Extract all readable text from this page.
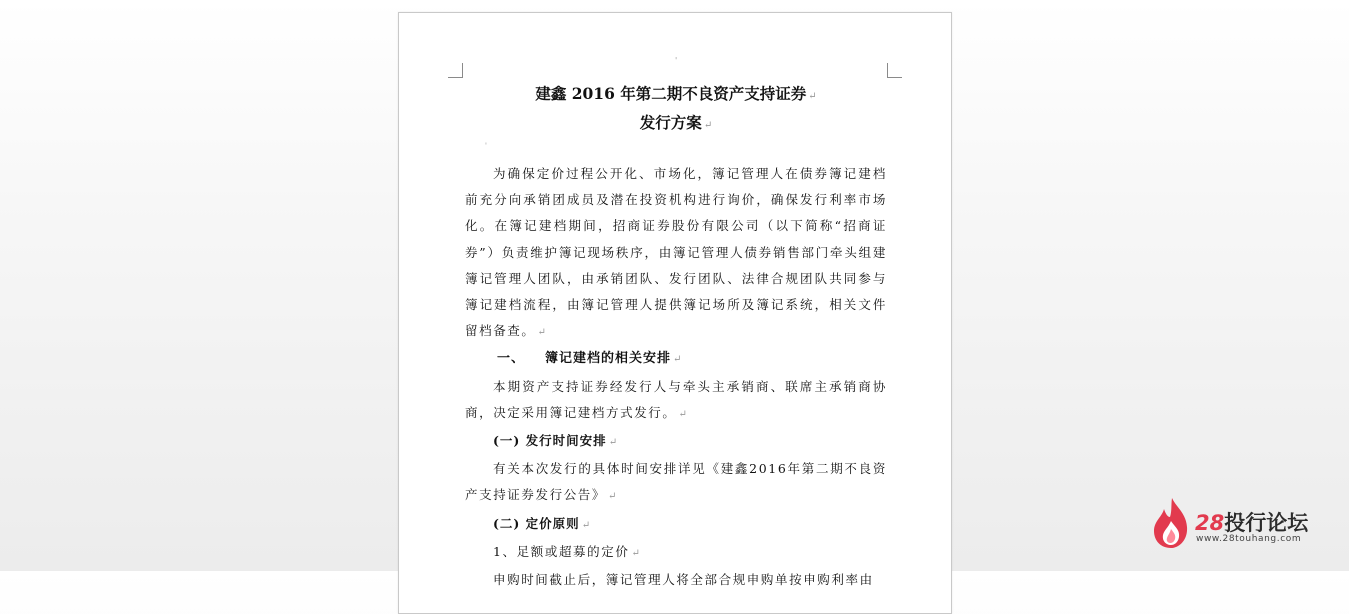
'

建鑫 2016 年第二期不良资产支持证券 ↵

发行方案 ↵

'

为确保定价过程公开化、市场化，簿记管理人在债券簿记建档前充分向承销团成员及潜在投资机构进行询价，确保发行利率市场化。在簿记建档期间，招商证券股份有限公司（以下简称“招商证券”）负责维护簿记现场秩序，由簿记管理人债券销售部门牵头组建簿记管理人团队，由承销团队、发行团队、法律合规团队共同参与簿记建档流程，由簿记管理人提供簿记场所及簿记系统，相关文件留档备查。 ↵

一、 簿记建档的相关安排 ↵

本期资产支持证券经发行人与牵头主承销商、联席主承销商协商，决定采用簿记建档方式发行。 ↵

(一) 发行时间安排 ↵

有关本次发行的具体时间安排详见《建鑫2016年第二期不良资产支持证券发行公告》 ↵

(二) 定价原则 ↵

1、足额或超募的定价 ↵

申购时间截止后，簿记管理人将全部合规申购单按申购利率由

28投行论坛
www.28touhang.com
